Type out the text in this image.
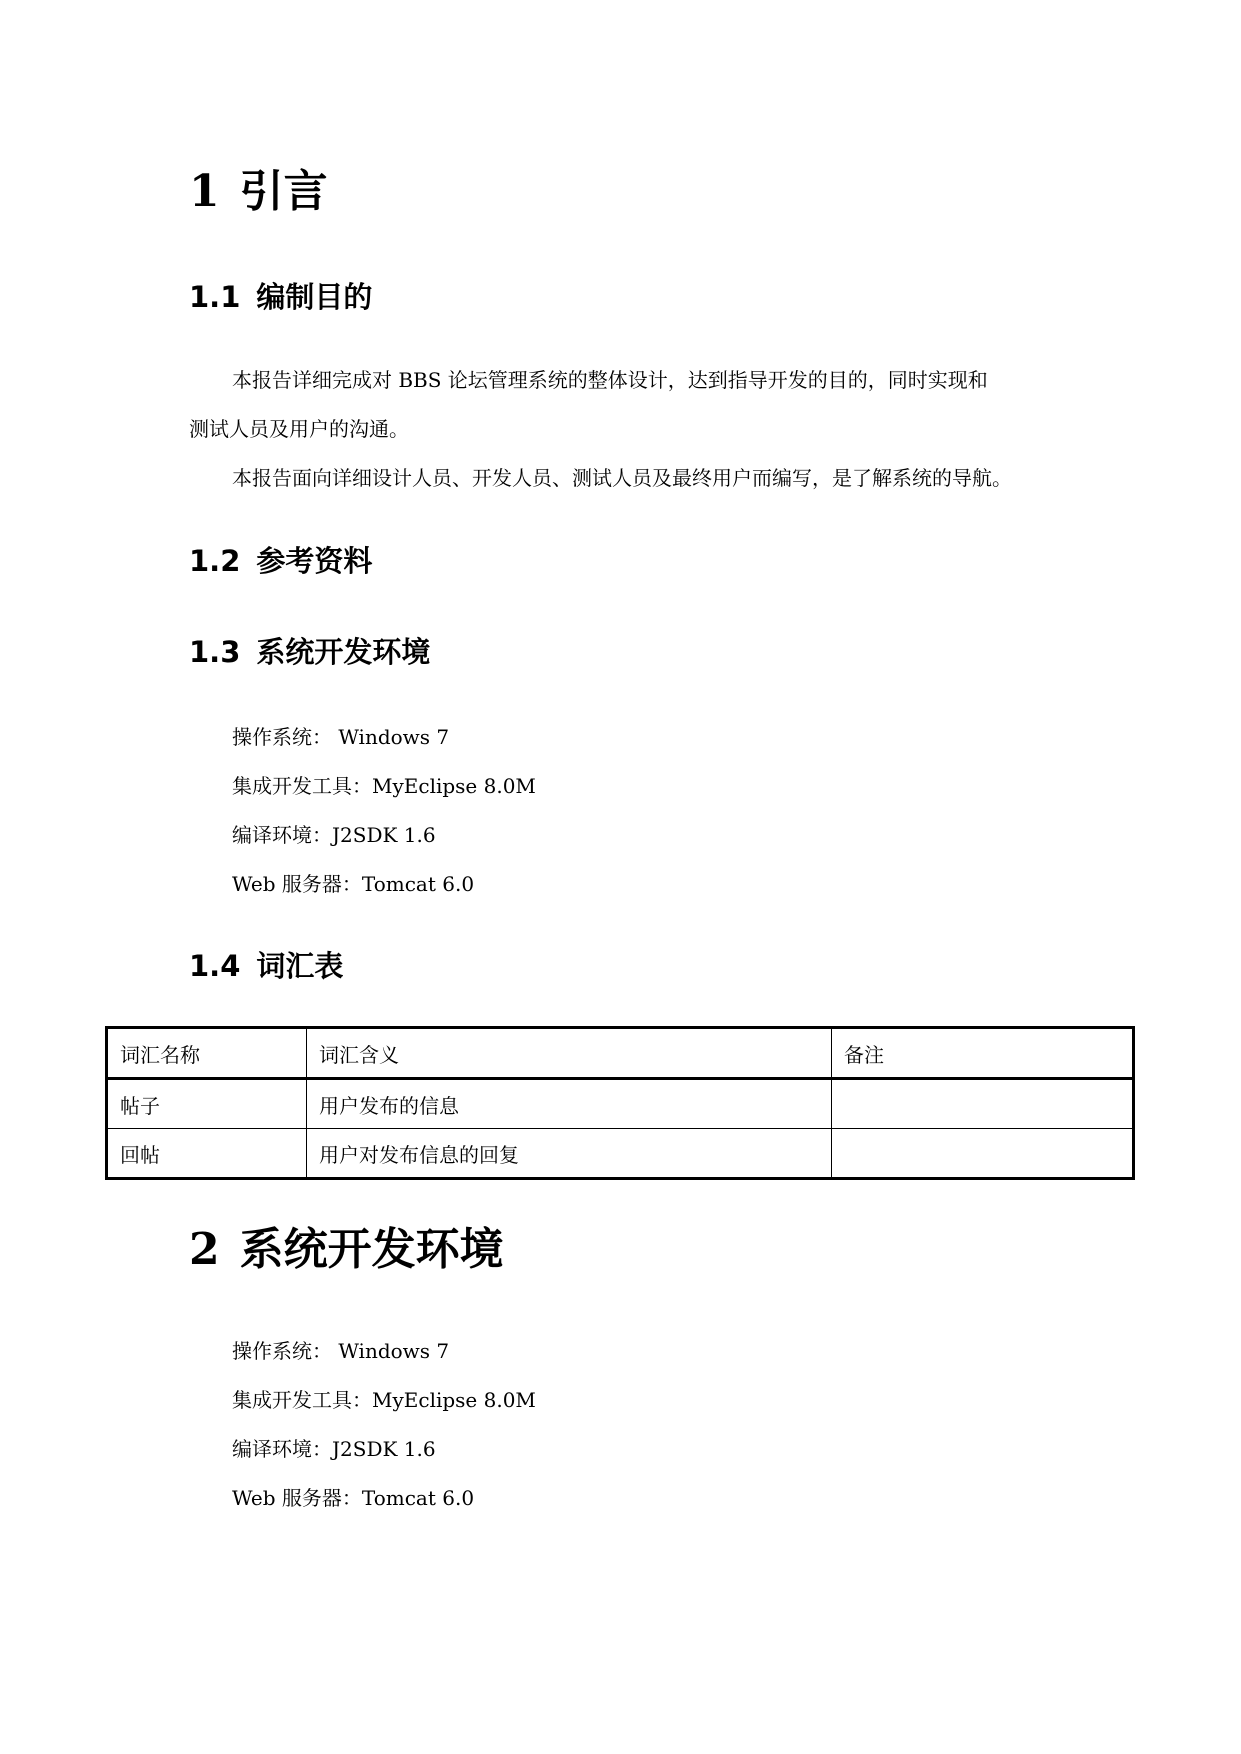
1 引言
1.1 编制目的
本报告详细完成对 BBS 论坛管理系统的整体设计，达到指导开发的目的，同时实现和
测试人员及用户的沟通。
本报告面向详细设计人员、开发人员、测试人员及最终用户而编写，是了解系统的导航。
1.2 参考资料
1.3 系统开发环境
操作系统： Windows 7
集成开发工具：MyEclipse 8.0M
编译环境：J2SDK 1.6
Web 服务器：Tomcat 6.0
1.4 词汇表
词汇名称	词汇含义	备注
帖子	用户发布的信息	
回帖	用户对发布信息的回复	
2 系统开发环境
操作系统： Windows 7
集成开发工具：MyEclipse 8.0M
编译环境：J2SDK 1.6
Web 服务器：Tomcat 6.0
